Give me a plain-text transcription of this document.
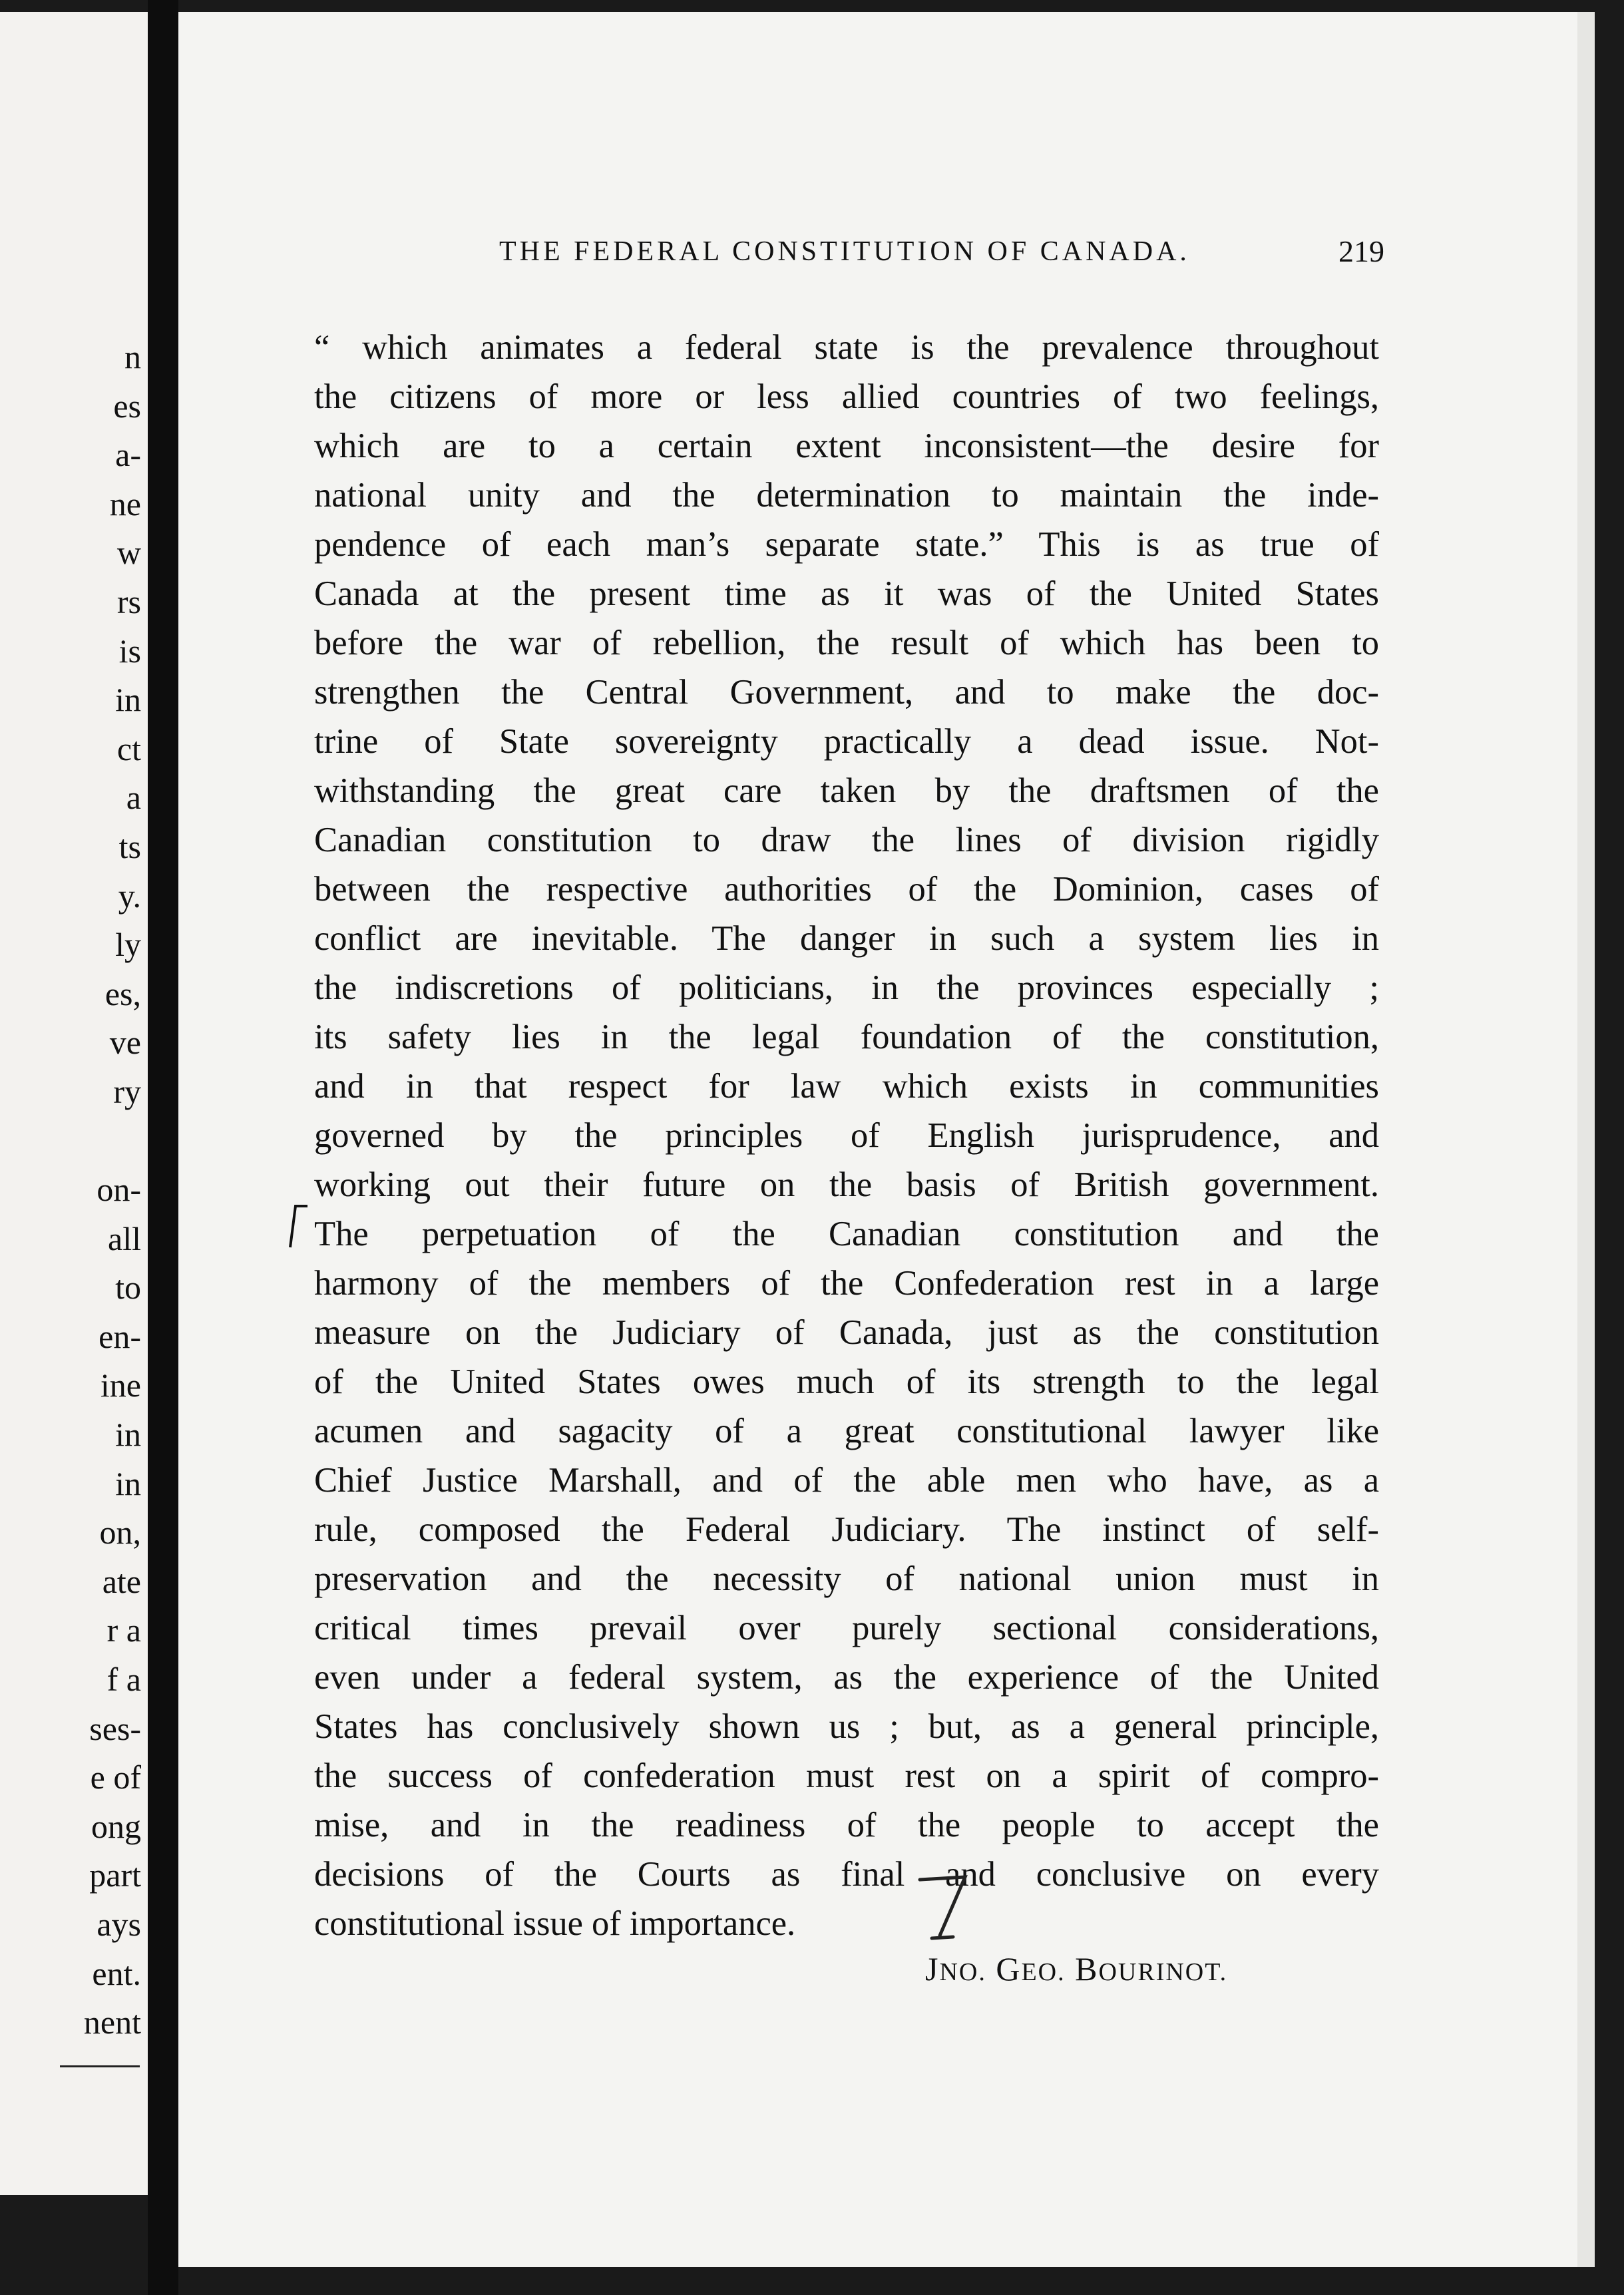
n
es
a-
ne
w
rs
is
in
ct
a
ts
y.
ly
es,
ve
ry
on-
all
to
en-
ine
in
in
on,
ate
r a
f a
ses-
e of
ong
part
ays
ent.
nent
THE FEDERAL CONSTITUTION OF CANADA.	219
“ which animates a federal state is the prevalence throughout
the citizens of more or less allied countries of two feelings,
which are to a certain extent inconsistent—the desire for
national unity and the determination to maintain the inde-
pendence of each man’s separate state.” This is as true of
Canada at the present time as it was of the United States
before the war of rebellion, the result of which has been to
strengthen the Central Government, and to make the doc-
trine of State sovereignty practically a dead issue. Not-
withstanding the great care taken by the draftsmen of the
Canadian constitution to draw the lines of division rigidly
between the respective authorities of the Dominion, cases of
conflict are inevitable. The danger in such a system lies in
the indiscretions of politicians, in the provinces especially ;
its safety lies in the legal foundation of the constitution,
and in that respect for law which exists in communities
governed by the principles of English jurisprudence, and
working out their future on the basis of British government.
The perpetuation of the Canadian constitution and the
harmony of the members of the Confederation rest in a large
measure on the Judiciary of Canada, just as the constitution
of the United States owes much of its strength to the legal
acumen and sagacity of a great constitutional lawyer like
Chief Justice Marshall, and of the able men who have, as a
rule, composed the Federal Judiciary. The instinct of self-
preservation and the necessity of national union must in
critical times prevail over purely sectional considerations,
even under a federal system, as the experience of the United
States has conclusively shown us ; but, as a general principle,
the success of confederation must rest on a spirit of compro-
mise, and in the readiness of the people to accept the
decisions of the Courts as final and conclusive on every
constitutional issue of importance.
JNO. GEO. BOURINOT.
